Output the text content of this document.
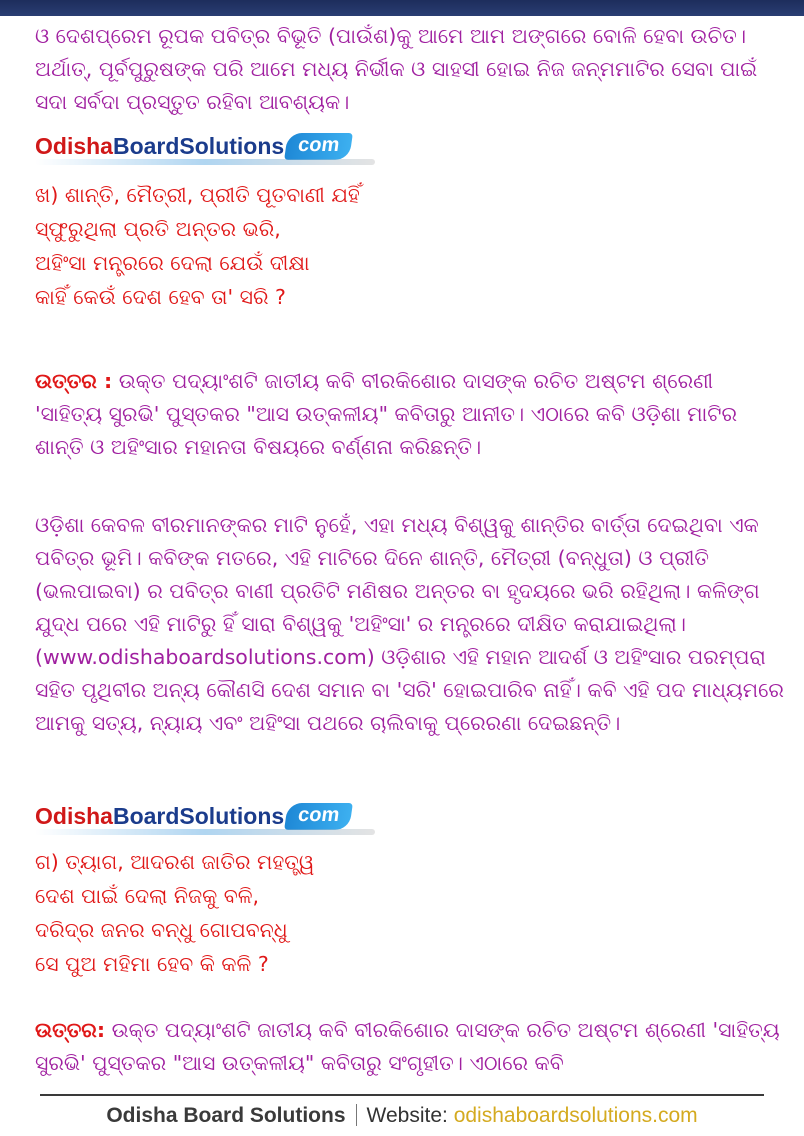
ଓ ଦେଶପ୍ରେମ ରୂପକ ପବିତ୍ର ବିଭୂତି (ପାଉଁଶ)କୁ ଆମେ ଆମ ଅଙ୍ଗରେ ବୋଳି ହେବା ଉଚିତ। ଅର୍ଥାତ୍, ପୂର୍ବପୁରୁଷଙ୍କ ପରି ଆମେ ମଧ୍ୟ ନିର୍ଭୀକ ଓ ସାହସୀ ହୋଇ ନିଜ ଜନ୍ମମାଟିର ସେବା ପାଇଁ ସଦା ସର୍ବଦା ପ୍ରସ୍ତୁତ ରହିବା ଆବଶ୍ୟକ।

Odisha Board Solutions com
ଖ) ଶାନ୍ତି, ମୈତ୍ରୀ, ପ୍ରୀତି ପୂତବାଣୀ ଯହିଁ
ସ୍ଫୁରୁଥିଲା ପ୍ରତି ଅନ୍ତର ଭରି,
ଅହିଂସା ମନ୍ତ୍ରରେ ଦେଲା ଯେଉଁ ଦୀକ୍ଷା
କାହିଁ କେଉଁ ଦେଶ ହେବ ତା' ସରି ?

ଉତ୍ତର : ଉକ୍ତ ପଦ୍ୟାଂଶଟି ଜାତୀୟ କବି ବୀରକିଶୋର ଦାସଙ୍କ ରଚିତ ଅଷ୍ଟମ ଶ୍ରେଣୀ 'ସାହିତ୍ୟ ସୁରଭି' ପୁସ୍ତକର "ଆସ ଉତ୍କଳୀୟ" କବିତାରୁ ଆନୀତ। ଏଠାରେ କବି ଓଡ଼ିଶା ମାଟିର ଶାନ୍ତି ଓ ଅହିଂସାର ମହାନତା ବିଷୟରେ ବର୍ଣ୍ଣନା କରିଛନ୍ତି।

ଓଡ଼ିଶା କେବଳ ବୀରମାନଙ୍କର ମାଟି ନୁହେଁ, ଏହା ମଧ୍ୟ ବିଶ୍ୱକୁ ଶାନ୍ତିର ବାର୍ତ୍ତା ଦେଇଥିବା ଏକ ପବିତ୍ର ଭୂମି। କବିଙ୍କ ମତରେ, ଏହି ମାଟିରେ ଦିନେ ଶାନ୍ତି, ମୈତ୍ରୀ (ବନ୍ଧୁତା) ଓ ପ୍ରୀତି (ଭଲପାଇବା) ର ପବିତ୍ର ବାଣୀ ପ୍ରତିଟି ମଣିଷର ଅନ୍ତର ବା ହୃଦୟରେ ଭରି ରହିଥିଲା। କଳିଙ୍ଗ ଯୁଦ୍ଧ ପରେ ଏହି ମାଟିରୁ ହିଁ ସାରା ବିଶ୍ୱକୁ 'ଅହିଂସା' ର ମନ୍ତ୍ରରେ ଦୀକ୍ଷିତ କରାଯାଇଥିଲା।(www.odishaboardsolutions.com) ଓଡ଼ିଶାର ଏହି ମହାନ ଆଦର୍ଶ ଓ ଅହିଂସାର ପରମ୍ପରା ସହିତ ପୃଥିବୀର ଅନ୍ୟ କୌଣସି ଦେଶ ସମାନ ବା 'ସରି' ହୋଇପାରିବ ନାହିଁ। କବି ଏହି ପଦ ମାଧ୍ୟମରେ ଆମକୁ ସତ୍ୟ, ନ୍ୟାୟ ଏବଂ ଅହିଂସା ପଥରେ ଚାଲିବାକୁ ପ୍ରେରଣା ଦେଇଛନ୍ତି।

Odisha Board Solutions com
ଗ) ତ୍ୟାଗ, ଆଦରଶ ଜାତିର ମହତ୍ତ୍ୱ
ଦେଶ ପାଇଁ ଦେଲା ନିଜକୁ ବଳି,
ଦରିଦ୍ର ଜନର ବନ୍ଧୁ ଗୋପବନ୍ଧୁ
ସେ ପୁଅ ମହିମା ହେବ କି କଳି ?

ଉତ୍ତର: ଉକ୍ତ ପଦ୍ୟାଂଶଟି ଜାତୀୟ କବି ବୀରକିଶୋର ଦାସଙ୍କ ରଚିତ ଅଷ୍ଟମ ଶ୍ରେଣୀ 'ସାହିତ୍ୟ ସୁରଭି' ପୁସ୍ତକର "ଆସ ଉତ୍କଳୀୟ" କବିତାରୁ ସଂଗୃହୀତ। ଏଠାରେ କବି

Odisha Board Solutions Website: odishaboardsolutions.com
